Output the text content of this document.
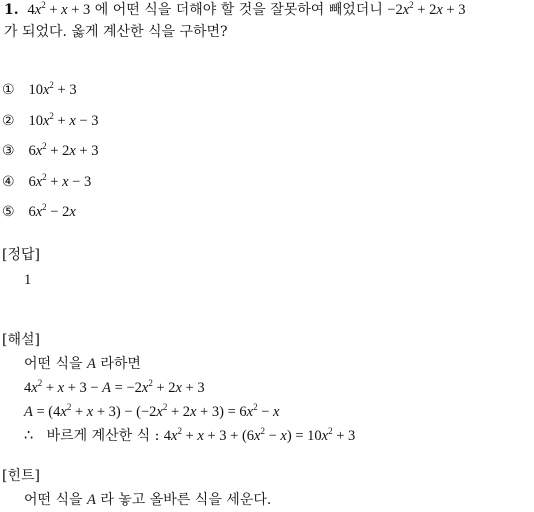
1. $4x^2 + x + 3$ 에 어떤 식을 더해야 할 것을 잘못하여 빼었더니 $-2x^2 + 2x + 3$
가 되었다. 옳게 계산한 식을 구하면?
① $10x^2 + 3$
② $10x^2 + x - 3$
③ $6x^2 + 2x + 3$
④ $6x^2 + x - 3$
⑤ $6x^2 - 2x$
[정답]
1
[해설]
어떤 식을 A 라하면
$4x^2 + x + 3 - A = -2x^2 + 2x + 3$
$A = (4x^2 + x + 3) - (-2x^2 + 2x + 3) = 6x^2 - x$
∴ 바르게 계산한 식 : $4x^2 + x + 3 + (6x^2 - x) = 10x^2 + 3$
[힌트]
어떤 식을 A 라 놓고 올바른 식을 세운다.
